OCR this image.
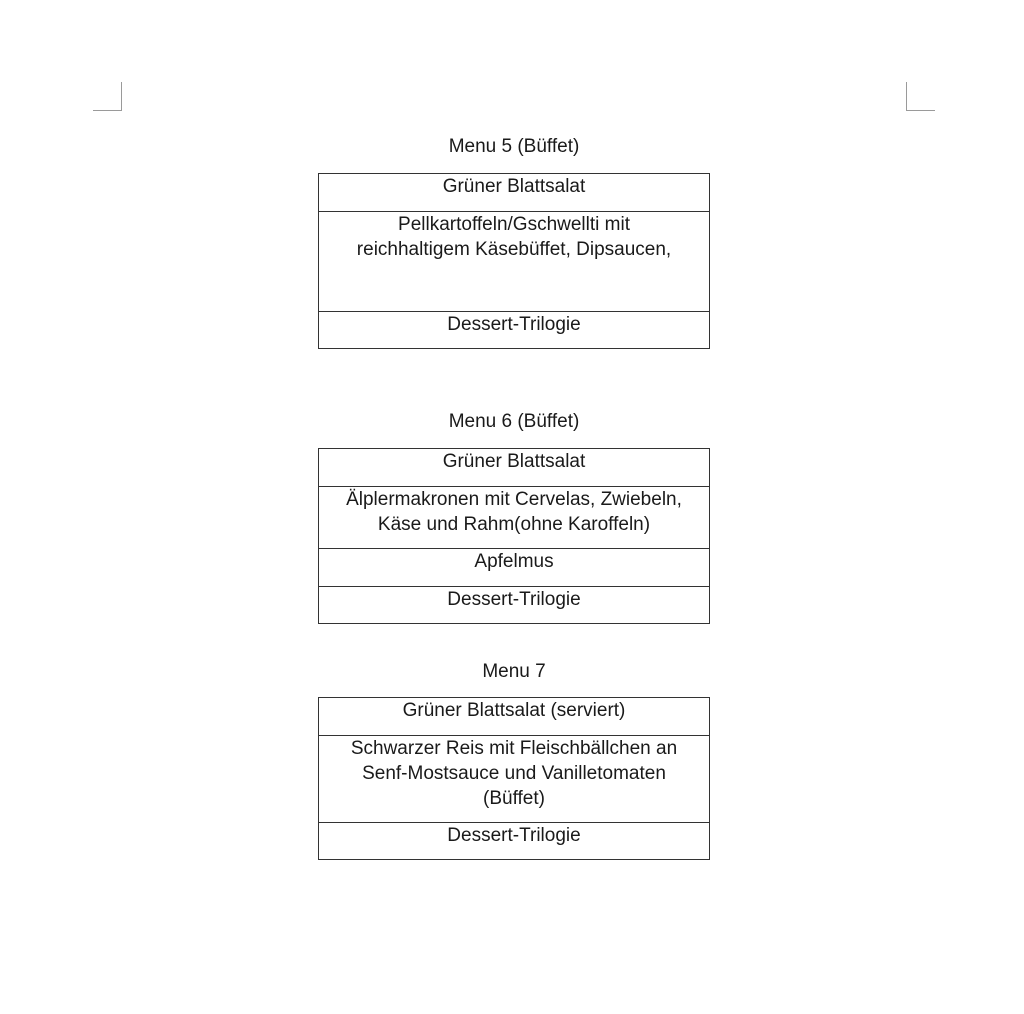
Menu 5 (Büffet)
Grüner Blattsalat
Pellkartoffeln/Gschwellti mit
reichhaltigem Käsebüffet, Dipsaucen,
Dessert-Trilogie
Menu 6 (Büffet)
Grüner Blattsalat
Älplermakronen mit Cervelas, Zwiebeln,
Käse und Rahm(ohne Karoffeln)
Apfelmus
Dessert-Trilogie
Menu 7
Grüner Blattsalat (serviert)
Schwarzer Reis mit Fleischbällchen an
Senf-Mostsauce und Vanilletomaten
(Büffet)
Dessert-Trilogie
